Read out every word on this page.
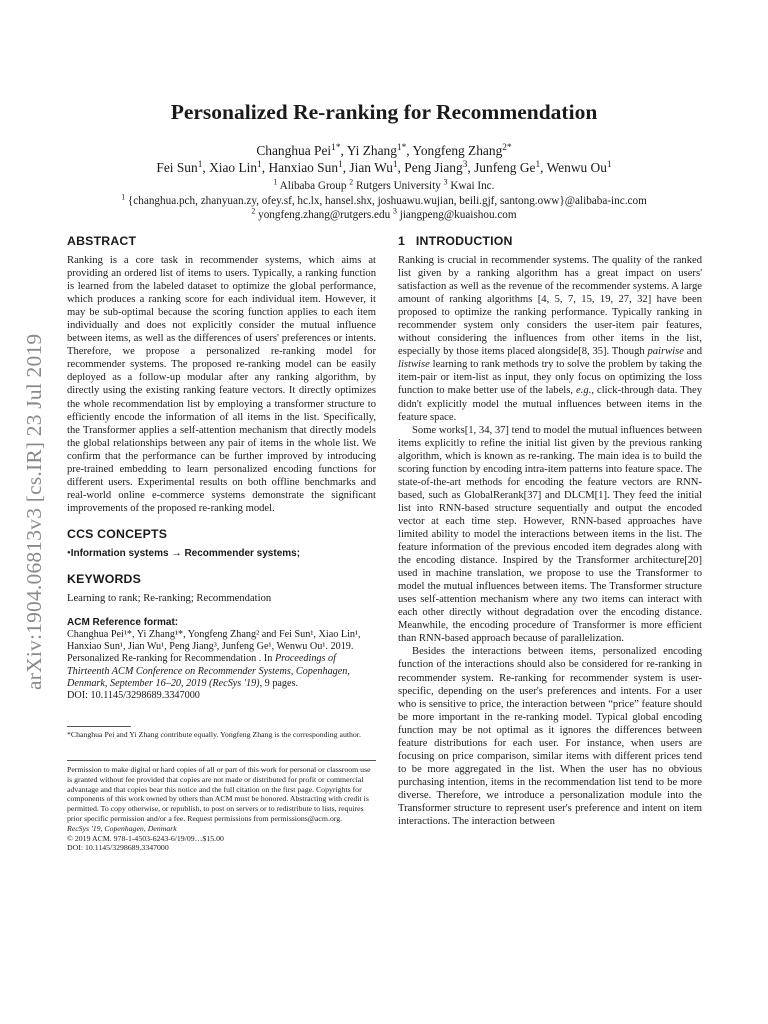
arXiv:1904.06813v3 [cs.IR] 23 Jul 2019
Personalized Re-ranking for Recommendation
Changhua Pei$^{1*}$, Yi Zhang$^{1*}$, Yongfeng Zhang$^{2*}$
Fei Sun$^1$, Xiao Lin$^1$, Hanxiao Sun$^1$, Jian Wu$^1$, Peng Jiang$^3$, Junfeng Ge$^1$, Wenwu Ou$^1$
$^1$ Alibaba Group $^2$ Rutgers University $^3$ Kwai Inc.
$^1$ {changhua.pch, zhanyuan.zy, ofey.sf, hc.lx, hansel.shx, joshuawu.wujian, beili.gjf, santong.oww}@alibaba-inc.com
$^2$ yongfeng.zhang@rutgers.edu $^3$ jiangpeng@kuaishou.com
ABSTRACT

Ranking is a core task in recommender systems, which aims at providing an ordered list of items to users. Typically, a ranking function is learned from the labeled dataset to optimize the global performance, which produces a ranking score for each individual item. However, it may be sub-optimal because the scoring function applies to each item individually and does not explicitly consider the mutual influence between items, as well as the differences of users' preferences or intents. Therefore, we propose a personalized re-ranking model for recommender systems. The proposed re-ranking model can be easily deployed as a follow-up modular after any ranking algorithm, by directly using the existing ranking feature vectors. It directly optimizes the whole recommendation list by employing a transformer structure to efficiently encode the information of all items in the list. Specifically, the Transformer applies a self-attention mechanism that directly models the global relationships between any pair of items in the whole list. We confirm that the performance can be further improved by introducing pre-trained embedding to learn personalized encoding functions for different users. Experimental results on both offline benchmarks and real-world online e-commerce systems demonstrate the significant improvements of the proposed re-ranking model.

CCS CONCEPTS

•Information systems → Recommender systems;

KEYWORDS

Learning to rank; Re-ranking; Recommendation

ACM Reference format:

Changhua Pei¹*, Yi Zhang¹*, Yongfeng Zhang² and Fei Sun¹, Xiao Lin¹, Hanxiao Sun¹, Jian Wu¹, Peng Jiang³, Junfeng Ge¹, Wenwu Ou¹. 2019. Personalized Re-ranking for Recommendation . In Proceedings of Thirteenth ACM Conference on Recommender Systems, Copenhagen, Denmark, September 16–20, 2019 (RecSys '19), 9 pages.
DOI: 10.1145/3298689.3347000

*Changhua Pei and Yi Zhang contribute equally. Yongfeng Zhang is the corresponding author.

Permission to make digital or hard copies of all or part of this work for personal or classroom use is granted without fee provided that copies are not made or distributed for profit or commercial advantage and that copies bear this notice and the full citation on the first page. Copyrights for components of this work owned by others than ACM must be honored. Abstracting with credit is permitted. To copy otherwise, or republish, to post on servers or to redistribute to lists, requires prior specific permission and/or a fee. Request permissions from permissions@acm.org.

RecSys '19, Copenhagen, Denmark

© 2019 ACM. 978-1-4503-6243-6/19/09…$15.00

DOI: 10.1145/3298689.3347000

1 INTRODUCTION

Ranking is crucial in recommender systems. The quality of the ranked list given by a ranking algorithm has a great impact on users' satisfaction as well as the revenue of the recommender systems. A large amount of ranking algorithms [4, 5, 7, 15, 19, 27, 32] have been proposed to optimize the ranking performance. Typically ranking in recommender system only considers the user-item pair features, without considering the influences from other items in the list, especially by those items placed alongside[8, 35]. Though pairwise and listwise learning to rank methods try to solve the problem by taking the item-pair or item-list as input, they only focus on optimizing the loss function to make better use of the labels, e.g., click-through data. They didn't explicitly model the mutual influences between items in the feature space.

Some works[1, 34, 37] tend to model the mutual influences between items explicitly to refine the initial list given by the previous ranking algorithm, which is known as re-ranking. The main idea is to build the scoring function by encoding intra-item patterns into feature space. The state-of-the-art methods for encoding the feature vectors are RNN-based, such as GlobalRerank[37] and DLCM[1]. They feed the initial list into RNN-based structure sequentially and output the encoded vector at each time step. However, RNN-based approaches have limited ability to model the interactions between items in the list. The feature information of the previous encoded item degrades along with the encoding distance. Inspired by the Transformer architecture[20] used in machine translation, we propose to use the Transformer to model the mutual influences between items. The Transformer structure uses self-attention mechanism where any two items can interact with each other directly without degradation over the encoding distance. Meanwhile, the encoding procedure of Transformer is more efficient than RNN-based approach because of parallelization.

Besides the interactions between items, personalized encoding function of the interactions should also be considered for re-ranking in recommender system. Re-ranking for recommender system is user-specific, depending on the user's preferences and intents. For a user who is sensitive to price, the interaction between “price” feature should be more important in the re-ranking model. Typical global encoding function may be not optimal as it ignores the differences between feature distributions for each user. For instance, when users are focusing on price comparison, similar items with different prices tend to be more aggregated in the list. When the user has no obvious purchasing intention, items in the recommendation list tend to be more diverse. Therefore, we introduce a personalization module into the Transformer structure to represent user's preference and intent on item interactions. The interaction between
